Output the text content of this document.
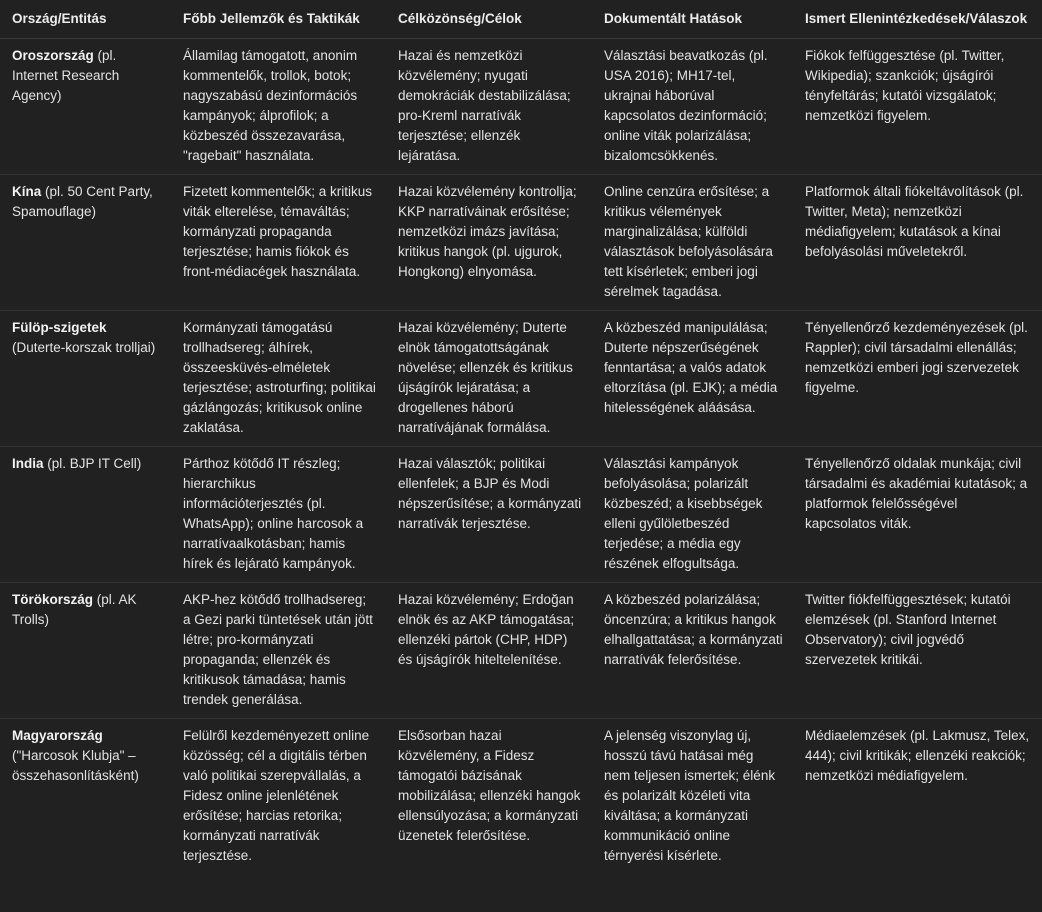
Ország/Entitás	Főbb Jellemzők és Taktikák	Célközönség/Célok	Dokumentált Hatások	Ismert Ellenintézkedések/Válaszok
Oroszország (pl. Internet Research Agency)	Államilag támogatott, anonim kommentelők, trollok, botok; nagyszabású dezinformációs kampányok; álprofilok; a közbeszéd összezavarása, "ragebait" használata.	Hazai és nemzetközi közvélemény; nyugati demokráciák destabilizálása; pro-Kreml narratívák terjesztése; ellenzék lejáratása.	Választási beavatkozás (pl. USA 2016); MH17-tel, ukrajnai háborúval kapcsolatos dezinformáció; online viták polarizálása; bizalomcsökkenés.	Fiókok felfüggesztése (pl. Twitter, Wikipedia); szankciók; újságírói tényfeltárás; kutatói vizsgálatok; nemzetközi figyelem.
Kína (pl. 50 Cent Party, Spamouflage)	Fizetett kommentelők; a kritikus viták elterelése, témaváltás; kormányzati propaganda terjesztése; hamis fiókok és front-médiacégek használata.	Hazai közvélemény kontrollja; KKP narratíváinak erősítése; nemzetközi imázs javítása; kritikus hangok (pl. ujgurok, Hongkong) elnyomása.	Online cenzúra erősítése; a kritikus vélemények marginalizálása; külföldi választások befolyásolására tett kísérletek; emberi jogi sérelmek tagadása.	Platformok általi fiókeltávolítások (pl. Twitter, Meta); nemzetközi médiafigyelem; kutatások a kínai befolyásolási műveletekről.
Fülöp-szigetek (Duterte-korszak trolljai)	Kormányzati támogatású trollhadsereg; álhírek, összeesküvés-elméletek terjesztése; astroturfing; politikai gázlángozás; kritikusok online zaklatása.	Hazai közvélemény; Duterte elnök támogatottságának növelése; ellenzék és kritikus újságírók lejáratása; a drogellenes háború narratívájának formálása.	A közbeszéd manipulálása; Duterte népszerűségének fenntartása; a valós adatok eltorzítása (pl. EJK); a média hitelességének aláásása.	Tényellenőrző kezdeményezések (pl. Rappler); civil társadalmi ellenállás; nemzetközi emberi jogi szervezetek figyelme.
India (pl. BJP IT Cell)	Párthoz kötődő IT részleg; hierarchikus információterjesztés (pl. WhatsApp); online harcosok a narratívaalkotásban; hamis hírek és lejárató kampányok.	Hazai választók; politikai ellenfelek; a BJP és Modi népszerűsítése; a kormányzati narratívák terjesztése.	Választási kampányok befolyásolása; polarizált közbeszéd; a kisebbségek elleni gyűlöletbeszéd terjedése; a média egy részének elfogultsága.	Tényellenőrző oldalak munkája; civil társadalmi és akadémiai kutatások; a platformok felelősségével kapcsolatos viták.
Törökország (pl. AK Trolls)	AKP-hez kötődő trollhadsereg; a Gezi parki tüntetések után jött létre; pro-kormányzati propaganda; ellenzék és kritikusok támadása; hamis trendek generálása.	Hazai közvélemény; Erdoğan elnök és az AKP támogatása; ellenzéki pártok (CHP, HDP) és újságírók hiteltelenítése.	A közbeszéd polarizálása; öncenzúra; a kritikus hangok elhallgattatása; a kormányzati narratívák felerősítése.	Twitter fiókfelfüggesztések; kutatói elemzések (pl. Stanford Internet Observatory); civil jogvédő szervezetek kritikái.
Magyarország ("Harcosok Klubja" – összehasonlításként)	Felülről kezdeményezett online közösség; cél a digitális térben való politikai szerepvállalás, a Fidesz online jelenlétének erősítése; harcias retorika; kormányzati narratívák terjesztése.	Elsősorban hazai közvélemény, a Fidesz támogatói bázisának mobilizálása; ellenzéki hangok ellensúlyozása; a kormányzati üzenetek felerősítése.	A jelenség viszonylag új, hosszú távú hatásai még nem teljesen ismertek; élénk és polarizált közéleti vita kiváltása; a kormányzati kommunikáció online térnyerési kísérlete.	Médiaelemzések (pl. Lakmusz, Telex, 444); civil kritikák; ellenzéki reakciók; nemzetközi médiafigyelem.
